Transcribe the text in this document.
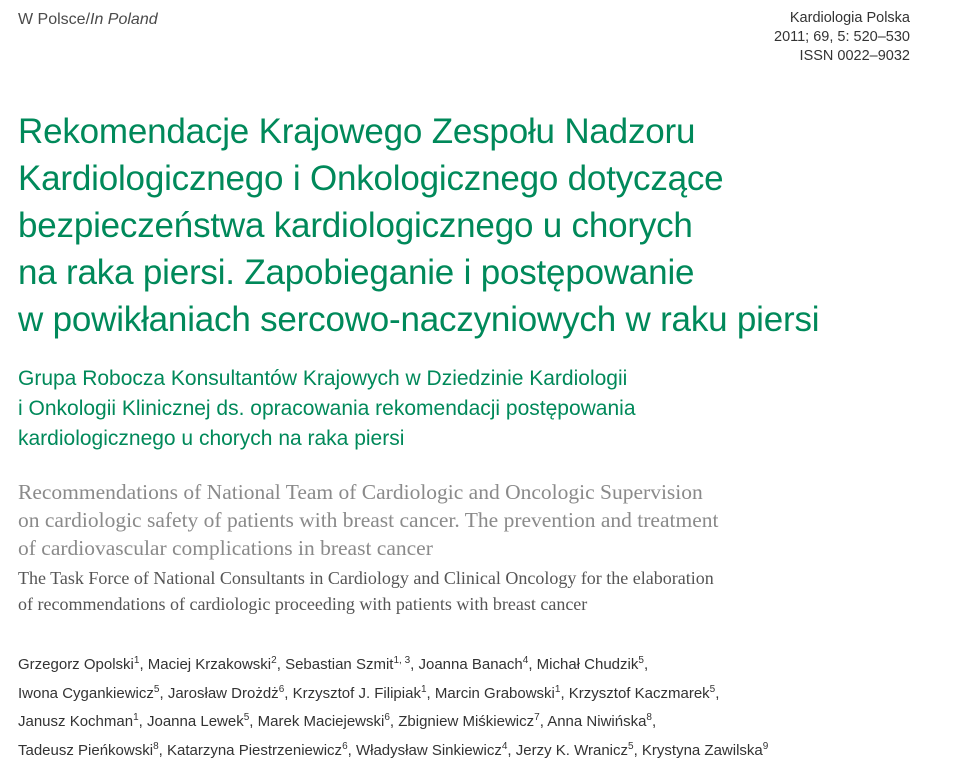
W Polsce/In Poland	Kardiologia Polska
2011; 69, 5: 520–530
ISSN 0022–9032
Rekomendacje Krajowego Zespołu Nadzoru
Kardiologicznego i Onkologicznego dotyczące
bezpieczeństwa kardiologicznego u chorych
na raka piersi. Zapobieganie i postępowanie
w powikłaniach sercowo-naczyniowych w raku piersi
Grupa Robocza Konsultantów Krajowych w Dziedzinie Kardiologii
i Onkologii Klinicznej ds. opracowania rekomendacji postępowania
kardiologicznego u chorych na raka piersi
Recommendations of National Team of Cardiologic and Oncologic Supervision
on cardiologic safety of patients with breast cancer. The prevention and treatment
of cardiovascular complications in breast cancer
The Task Force of National Consultants in Cardiology and Clinical Oncology for the elaboration
of recommendations of cardiologic proceeding with patients with breast cancer
Grzegorz Opolski$^1$, Maciej Krzakowski$^2$, Sebastian Szmit$^{1, 3}$, Joanna Banach$^4$, Michał Chudzik$^5$,
Iwona Cygankiewicz$^5$, Jarosław Drożdż$^6$, Krzysztof J. Filipiak$^1$, Marcin Grabowski$^1$, Krzysztof Kaczmarek$^5$,
Janusz Kochman$^1$, Joanna Lewek$^5$, Marek Maciejewski$^6$, Zbigniew Miśkiewicz$^7$, Anna Niwińska$^8$,
Tadeusz Pieńkowski$^8$, Katarzyna Piestrzeniewicz$^6$, Władysław Sinkiewicz$^4$, Jerzy K. Wranicz$^5$, Krystyna Zawilska$^9$
